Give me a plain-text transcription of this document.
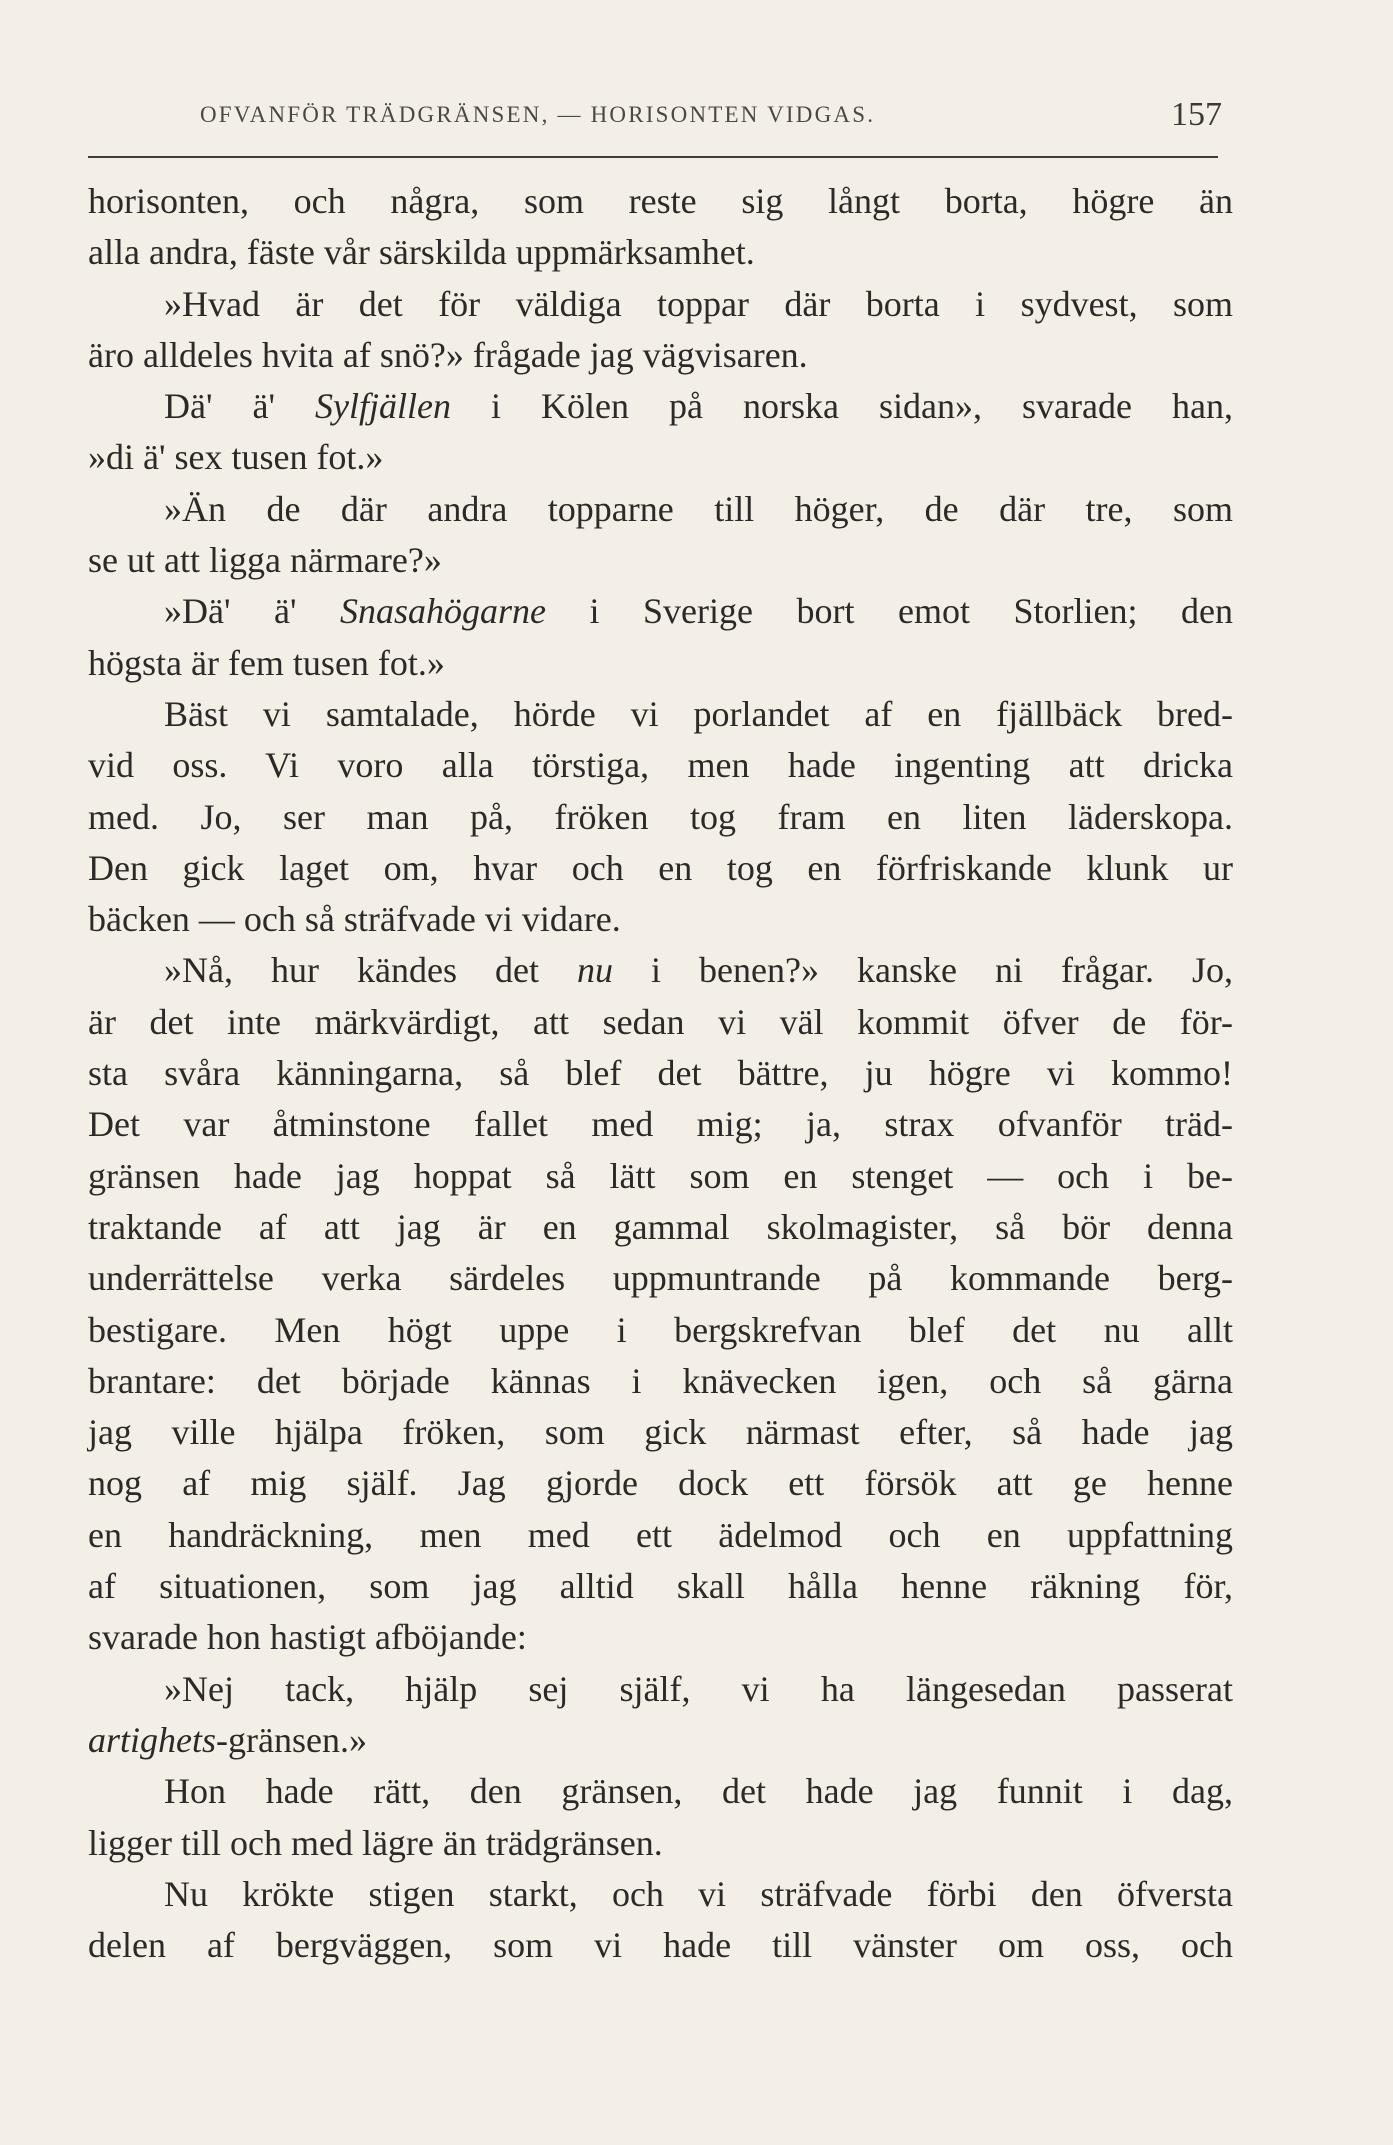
OFVANFÖR TRÄDGRÄNSEN, — HORISONTEN VIDGAS.	157
horisonten, och några, som reste sig långt borta, högre än
alla andra, fäste vår särskilda uppmärksamhet.
»Hvad är det för väldiga toppar där borta i sydvest, som
äro alldeles hvita af snö?» frågade jag vägvisaren.
Dä' ä' Sylfjällen i Kölen på norska sidan», svarade han,
»di ä' sex tusen fot.»
»Än de där andra topparne till höger, de där tre, som
se ut att ligga närmare?»
»Dä' ä' Snasahögarne i Sverige bort emot Storlien; den
högsta är fem tusen fot.»
Bäst vi samtalade, hörde vi porlandet af en fjällbäck bred-
vid oss. Vi voro alla törstiga, men hade ingenting att dricka
med. Jo, ser man på, fröken tog fram en liten läderskopa.
Den gick laget om, hvar och en tog en förfriskande klunk ur
bäcken — och så sträfvade vi vidare.
»Nå, hur kändes det nu i benen?» kanske ni frågar. Jo,
är det inte märkvärdigt, att sedan vi väl kommit öfver de för-
sta svåra känningarna, så blef det bättre, ju högre vi kommo!
Det var åtminstone fallet med mig; ja, strax ofvanför träd-
gränsen hade jag hoppat så lätt som en stenget — och i be-
traktande af att jag är en gammal skolmagister, så bör denna
underrättelse verka särdeles uppmuntrande på kommande berg-
bestigare. Men högt uppe i bergskrefvan blef det nu allt
brantare: det började kännas i knävecken igen, och så gärna
jag ville hjälpa fröken, som gick närmast efter, så hade jag
nog af mig själf. Jag gjorde dock ett försök att ge henne
en handräckning, men med ett ädelmod och en uppfattning
af situationen, som jag alltid skall hålla henne räkning för,
svarade hon hastigt afböjande:
»Nej tack, hjälp sej själf, vi ha längesedan passerat
artighets-gränsen.»
Hon hade rätt, den gränsen, det hade jag funnit i dag,
ligger till och med lägre än trädgränsen.
Nu krökte stigen starkt, och vi sträfvade förbi den öfversta
delen af bergväggen, som vi hade till vänster om oss, och
